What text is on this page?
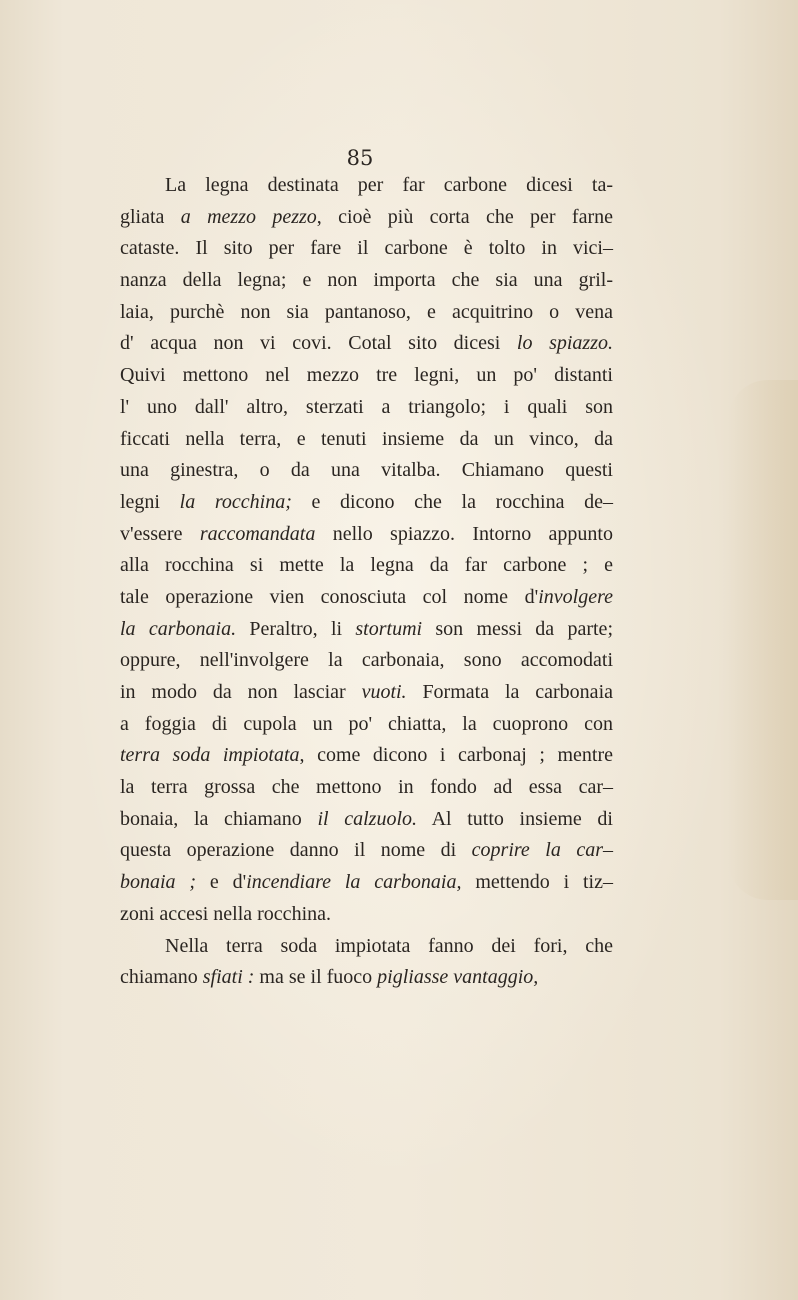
85
La legna destinata per far carbone dicesi ta-
gliata a mezzo pezzo, cioè più corta che per farne
cataste. Il sito per fare il carbone è tolto in vici–
nanza della legna; e non importa che sia una gril-
laia, purchè non sia pantanoso, e acquitrino o vena
d' acqua non vi covi. Cotal sito dicesi lo spiazzo.
Quivi mettono nel mezzo tre legni, un po' distanti
l' uno dall' altro, sterzati a triangolo; i quali son
ficcati nella terra, e tenuti insieme da un vinco, da
una ginestra, o da una vitalba. Chiamano questi
legni la rocchina; e dicono che la rocchina de–
v'essere raccomandata nello spiazzo. Intorno appunto
alla rocchina si mette la legna da far carbone ; e
tale operazione vien conosciuta col nome d'involgere
la carbonaia. Peraltro, li stortumi son messi da parte;
oppure, nell'involgere la carbonaia, sono accomodati
in modo da non lasciar vuoti. Formata la carbonaia
a foggia di cupola un po' chiatta, la cuoprono con
terra soda impiotata, come dicono i carbonaj ; mentre
la terra grossa che mettono in fondo ad essa car–
bonaia, la chiamano il calzuolo. Al tutto insieme di
questa operazione danno il nome di coprire la car–
bonaia ; e d'incendiare la carbonaia, mettendo i tiz–
zoni accesi nella rocchina.
Nella terra soda impiotata fanno dei fori, che
chiamano sfiati : ma se il fuoco pigliasse vantaggio,
